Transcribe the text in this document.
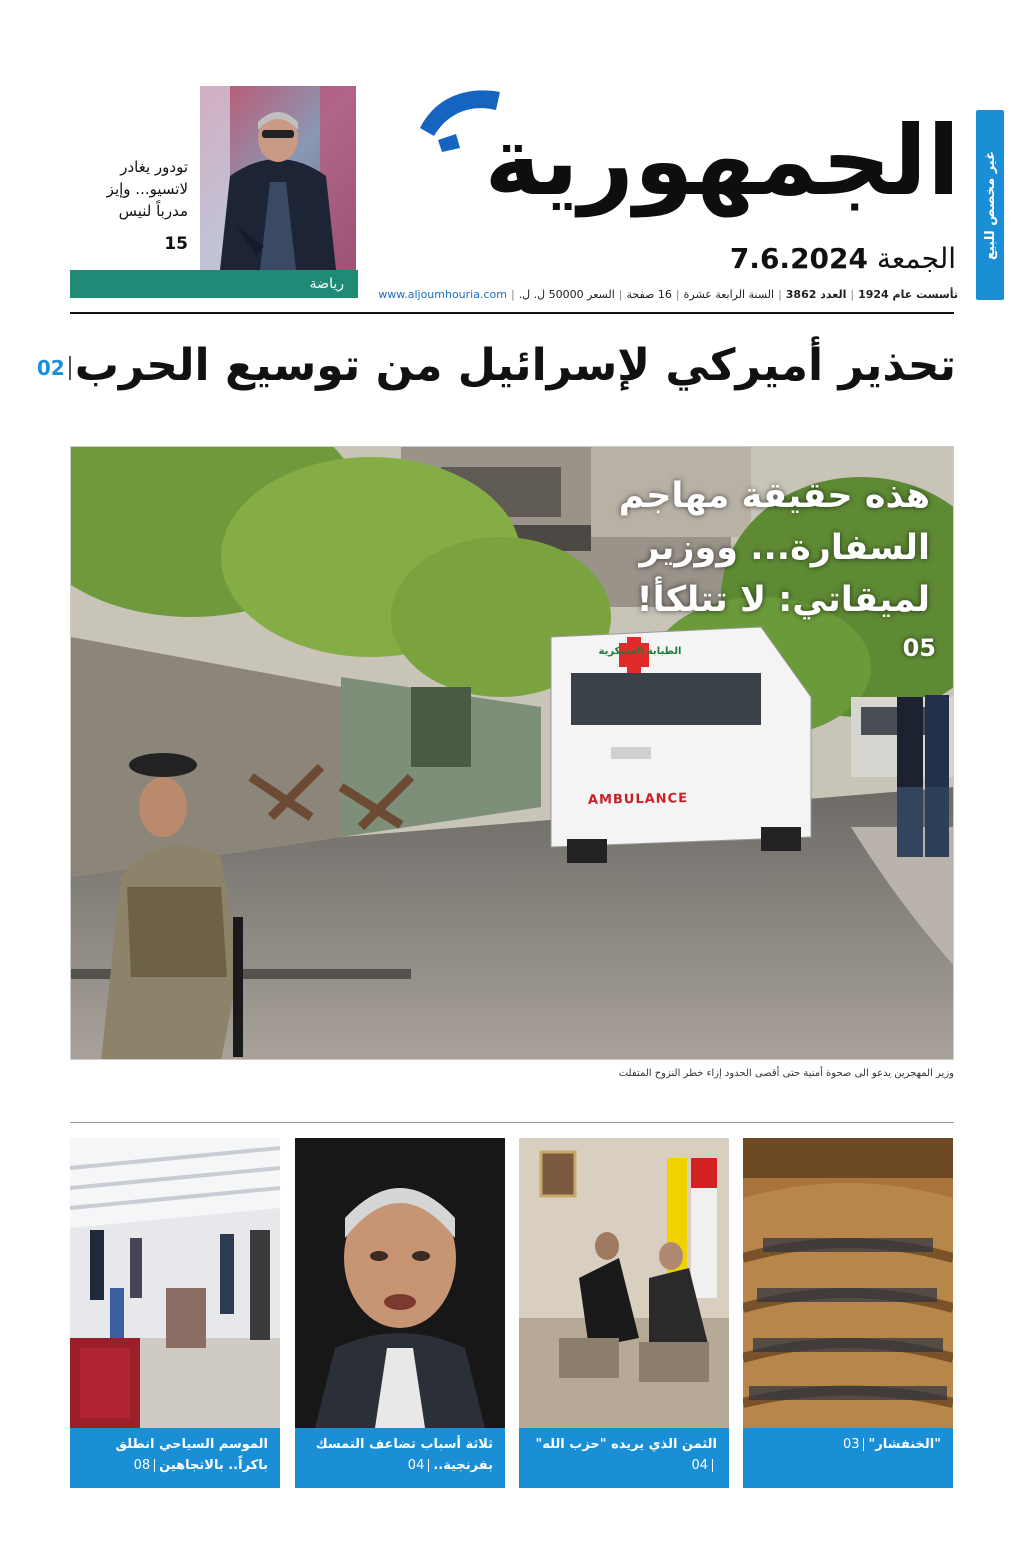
غير مخصص للبيع
الجمهورية
الجمعة 7.6.2024
تأسست عام 1924|العدد 3862|السنة الرابعة عشرة|16 صفحة|السعر 50000 ل. ل.|www.aljoumhouria.com
تودور يغادر لاتسيو... وإيز مدرباً لنيس
15
رياضة
تحذير أميركي لإسرائيل من توسيع الحرب02
هذه حقيقة مهاجم السفارة... ووزير لميقاتي: لا تتلكأ!
05
وزير المهجرين يدعو الى صحوة أمنية حتى أقصى الحدود إزاء خطر النزوح المتفلت
"الخنفشار"03
الثمن الذي يريده "حزب الله"04
ثلاثة أسباب تضاعف التمسك بفرنجية..04
الموسم السياحي انطلق باكراً.. بالاتجاهين08
AMBULANCE
الطبابة العسكرية
